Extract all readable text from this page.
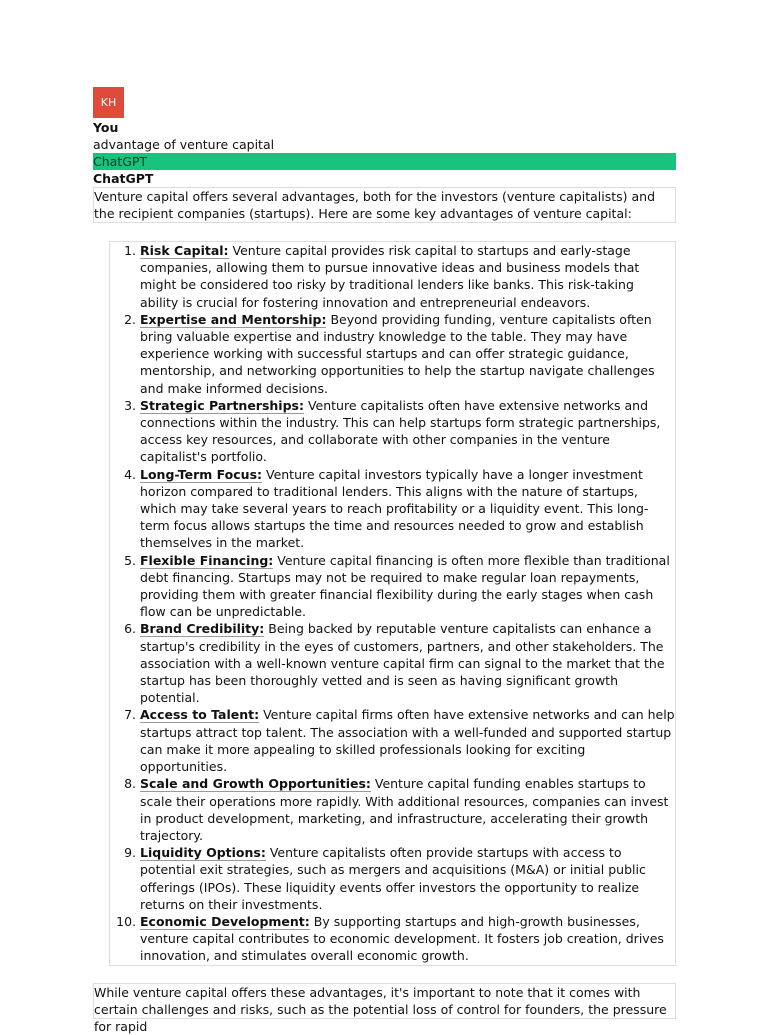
KH
You
advantage of venture capital
ChatGPT
ChatGPT
Venture capital offers several advantages, both for the investors (venture capitalists) and the recipient companies (startups). Here are some key advantages of venture capital:
1. Risk Capital: Venture capital provides risk capital to startups and early-stage companies, allowing them to pursue innovative ideas and business models that might be considered too risky by traditional lenders like banks. This risk-taking ability is crucial for fostering innovation and entrepreneurial endeavors.
2. Expertise and Mentorship: Beyond providing funding, venture capitalists often bring valuable expertise and industry knowledge to the table. They may have experience working with successful startups and can offer strategic guidance, mentorship, and networking opportunities to help the startup navigate challenges and make informed decisions.
3. Strategic Partnerships: Venture capitalists often have extensive networks and connections within the industry. This can help startups form strategic partnerships, access key resources, and collaborate with other companies in the venture capitalist's portfolio.
4. Long-Term Focus: Venture capital investors typically have a longer investment horizon compared to traditional lenders. This aligns with the nature of startups, which may take several years to reach profitability or a liquidity event. This long-term focus allows startups the time and resources needed to grow and establish themselves in the market.
5. Flexible Financing: Venture capital financing is often more flexible than traditional debt financing. Startups may not be required to make regular loan repayments, providing them with greater financial flexibility during the early stages when cash flow can be unpredictable.
6. Brand Credibility: Being backed by reputable venture capitalists can enhance a startup's credibility in the eyes of customers, partners, and other stakeholders. The association with a well-known venture capital firm can signal to the market that the startup has been thoroughly vetted and is seen as having significant growth potential.
7. Access to Talent: Venture capital firms often have extensive networks and can help startups attract top talent. The association with a well-funded and supported startup can make it more appealing to skilled professionals looking for exciting opportunities.
8. Scale and Growth Opportunities: Venture capital funding enables startups to scale their operations more rapidly. With additional resources, companies can invest in product development, marketing, and infrastructure, accelerating their growth trajectory.
9. Liquidity Options: Venture capitalists often provide startups with access to potential exit strategies, such as mergers and acquisitions (M&A) or initial public offerings (IPOs). These liquidity events offer investors the opportunity to realize returns on their investments.
10. Economic Development: By supporting startups and high-growth businesses, venture capital contributes to economic development. It fosters job creation, drives innovation, and stimulates overall economic growth.
While venture capital offers these advantages, it's important to note that it comes with certain challenges and risks, such as the potential loss of control for founders, the pressure for rapid
